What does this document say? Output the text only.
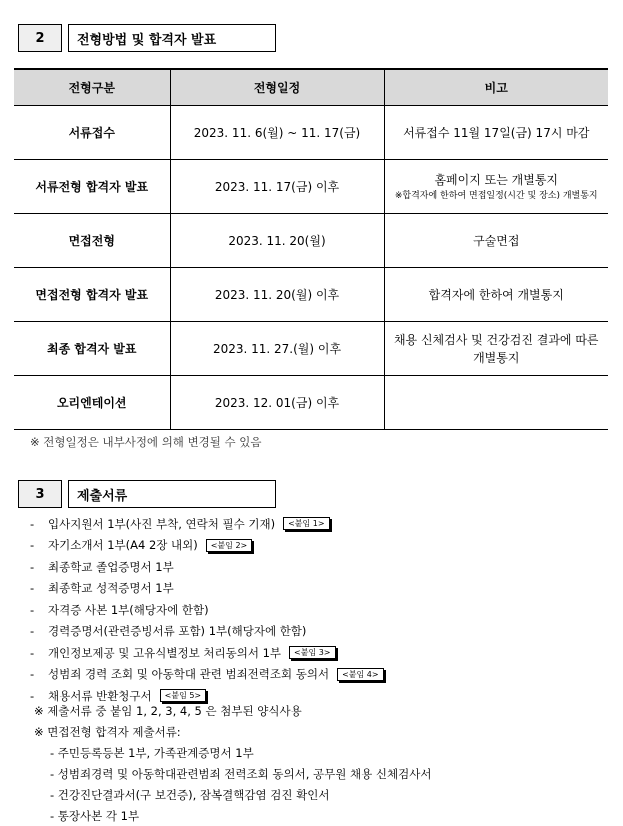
2	전형방법 및 합격자 발표
전형구분	전형일정	비고
서류접수	2023. 11. 6(월) ~ 11. 17(금)	서류접수 11월 17일(금) 17시 마감
서류전형 합격자 발표	2023. 11. 17(금) 이후	홈페이지 또는 개별통지
※합격자에 한하여 면접일정(시간 및 장소) 개별통지

면접전형	2023. 11. 20(월)	구술면접
면접전형 합격자 발표	2023. 11. 20(월) 이후	합격자에 한하여 개별통지
최종 합격자 발표	2023. 11. 27.(월) 이후	채용 신체검사 및 건강검진 결과에 따른 개별통지
오리엔테이션	2023. 12. 01(금) 이후	
※ 전형일정은 내부사정에 의해 변경될 수 있음
3	제출서류
-	입사지원서 1부(사진 부착, 연락처 필수 기재)	<붙임 1>
-	자기소개서 1부(A4 2장 내외)	<붙임 2>
-	최종학교 졸업증명서 1부
-	최종학교 성적증명서 1부
-	자격증 사본 1부(해당자에 한함)
-	경력증명서(관련증빙서류 포함) 1부(해당자에 한함)
-	개인정보제공 및 고유식별정보 처리동의서 1부	<붙임 3>
-	성범죄 경력 조회 및 아동학대 관련 범죄전력조회 동의서	<붙임 4>
-	채용서류 반환청구서	<붙임 5>
※ 제출서류 중 붙임 1, 2, 3, 4, 5 은 첨부된 양식사용
※ 면접전형 합격자 제출서류:
- 주민등록등본 1부, 가족관계증명서 1부
- 성범죄경력 및 아동학대관련범죄 전력조회 동의서, 공무원 채용 신체검사서
- 건강진단결과서(구 보건증), 잠복결핵감염 검진 확인서
- 통장사본 각 1부
